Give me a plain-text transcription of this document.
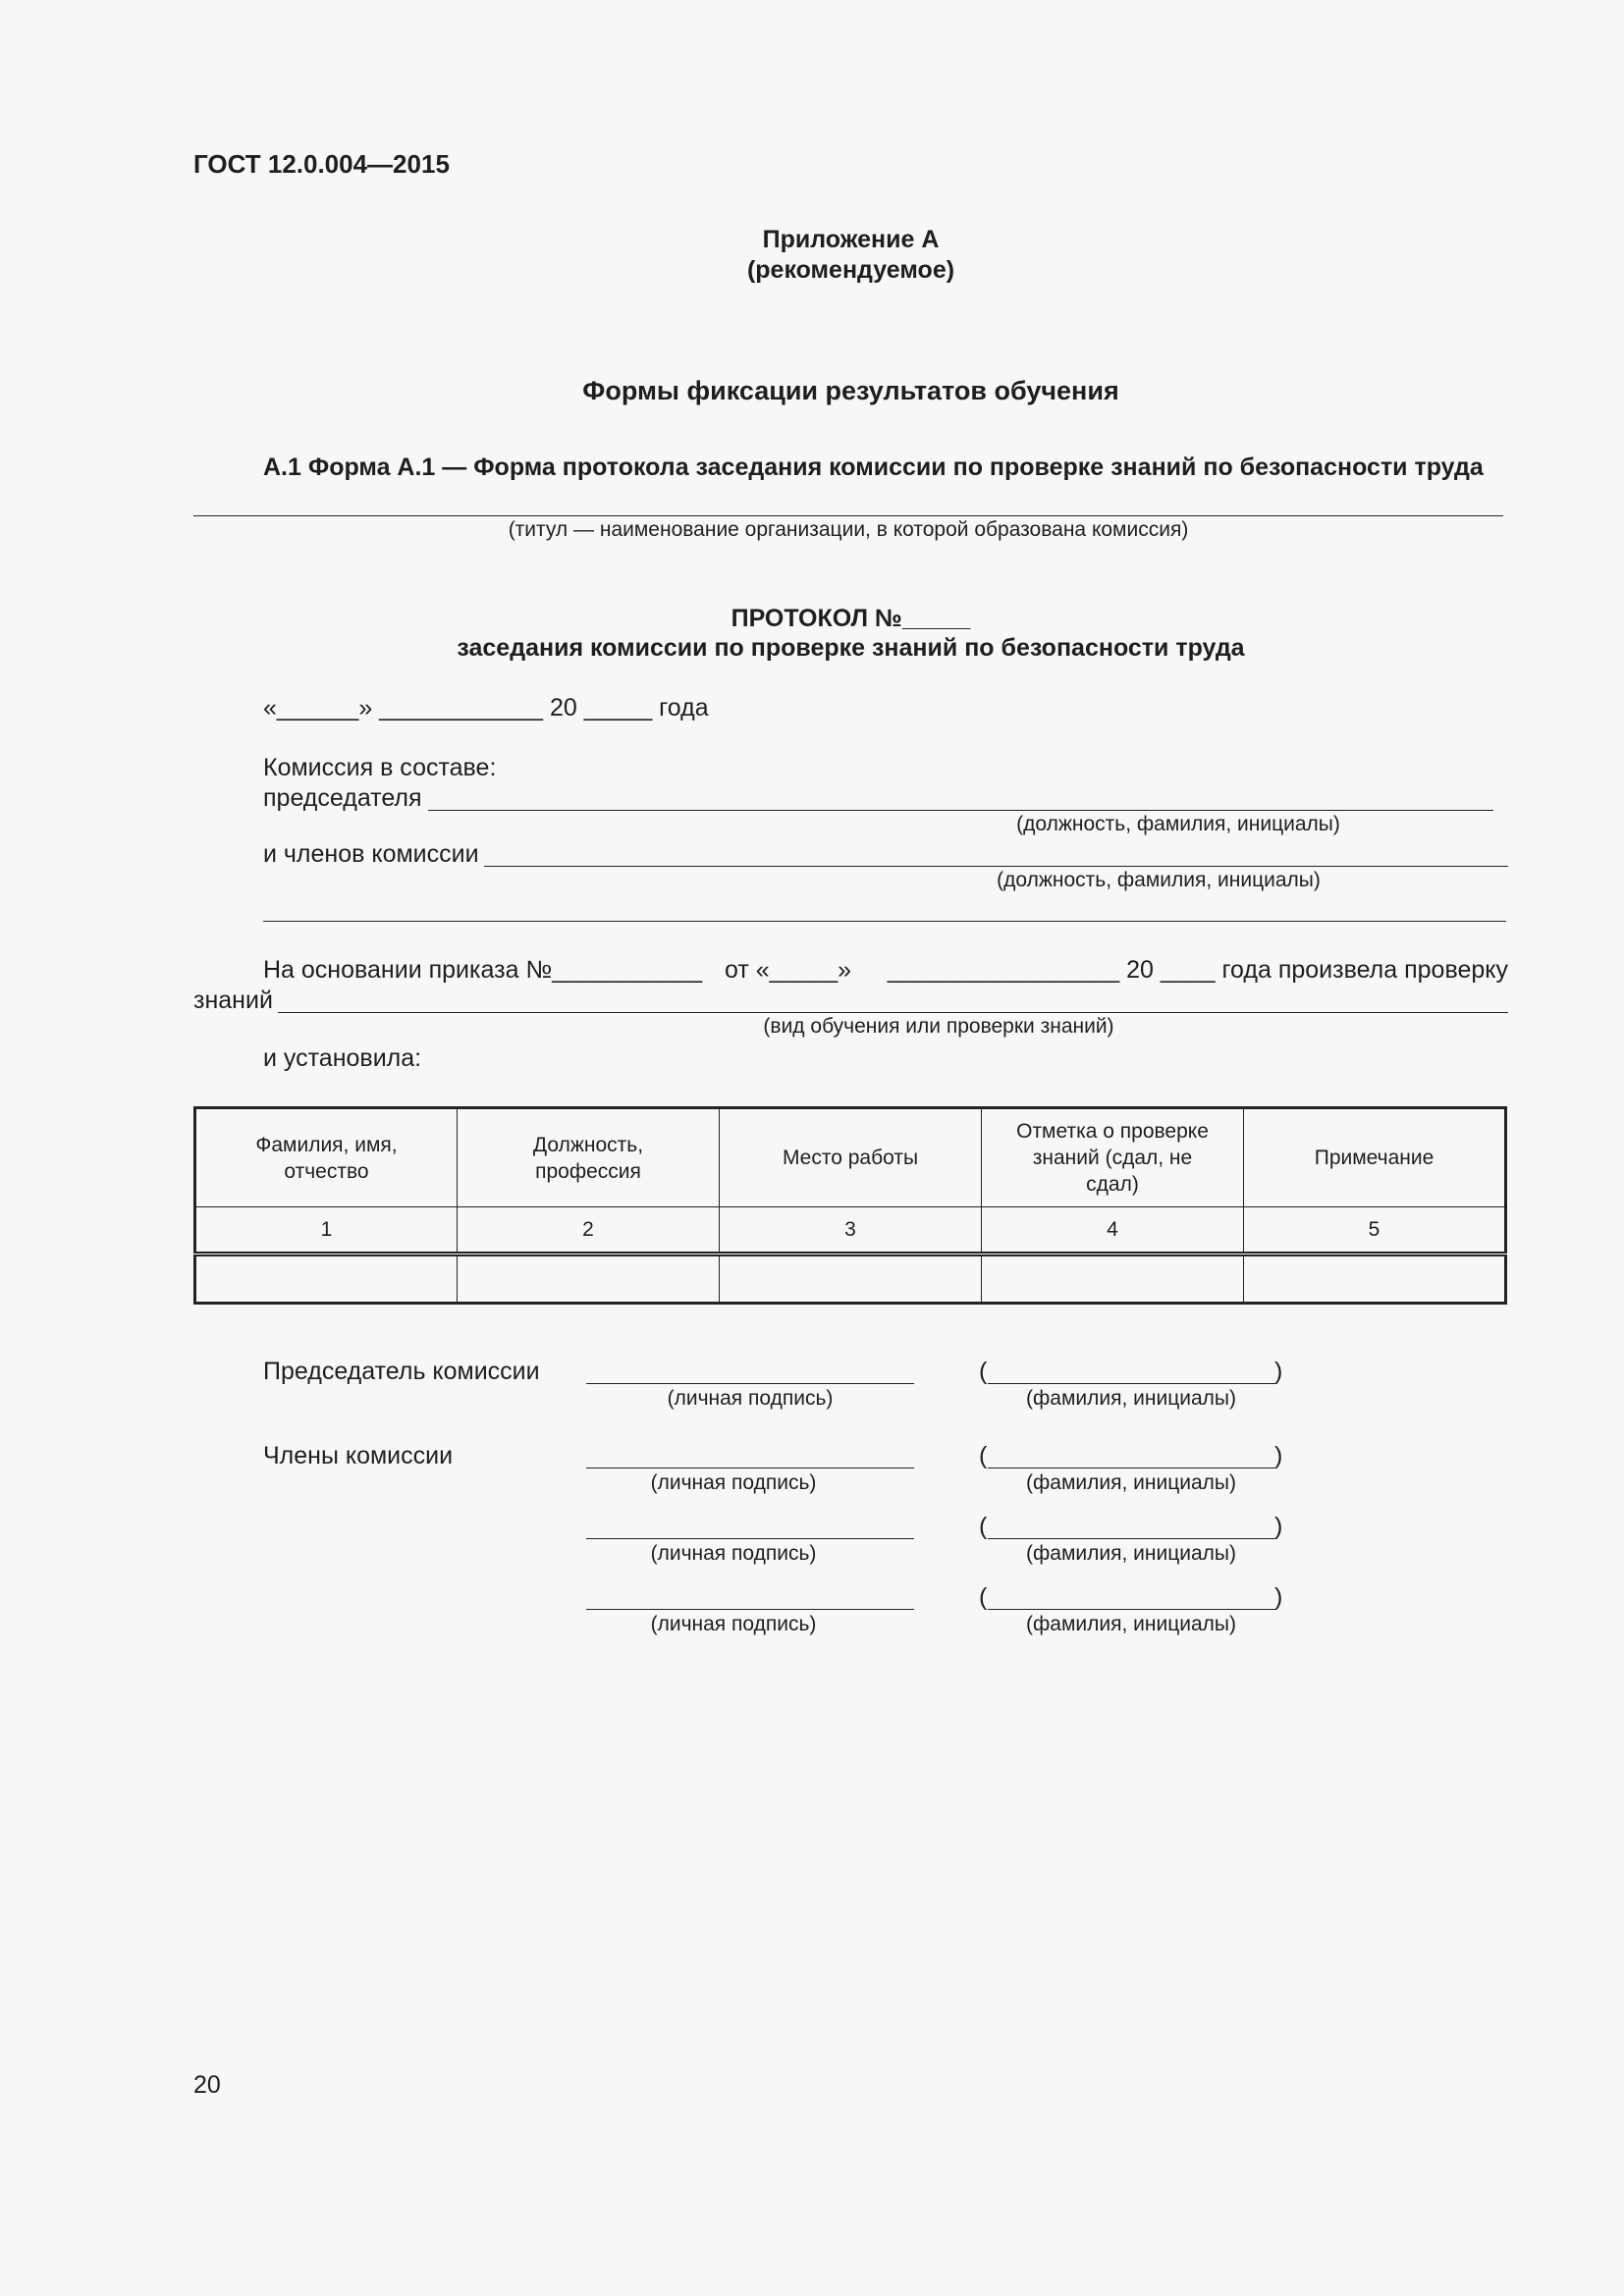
ГОСТ 12.0.004—2015
Приложение А
(рекомендуемое)
Формы фиксации результатов обучения
А.1 Форма А.1 — Форма протокола заседания комиссии по проверке знаний по безопасности труда
(титул — наименование организации, в которой образована комиссия)
ПРОТОКОЛ №_____
заседания комиссии по проверке знаний по безопасности труда
«______» ____________ 20 _____ года
Комиссия в составе:
председателя
(должность, фамилия, инициалы)
и членов комиссии
(должность, фамилия, инициалы)
На основании приказа №___________ от «_____»	_________________ 20 ____ года произвела проверку
знаний
(вид обучения или проверки знаний)
и установила:
Фамилия, имя, отчество	Должность, профессия	Место работы	Отметка о проверке знаний (сдал, не сдал)	Примечание

1	2	3	4	5

Председатель комиссии
(личная подпись)
(	)
(фамилия, инициалы)
Члены комиссии
(личная подпись)
(	)
(фамилия, инициалы)
(личная подпись)
(	)
(фамилия, инициалы)
(личная подпись)
(	)
(фамилия, инициалы)
20
